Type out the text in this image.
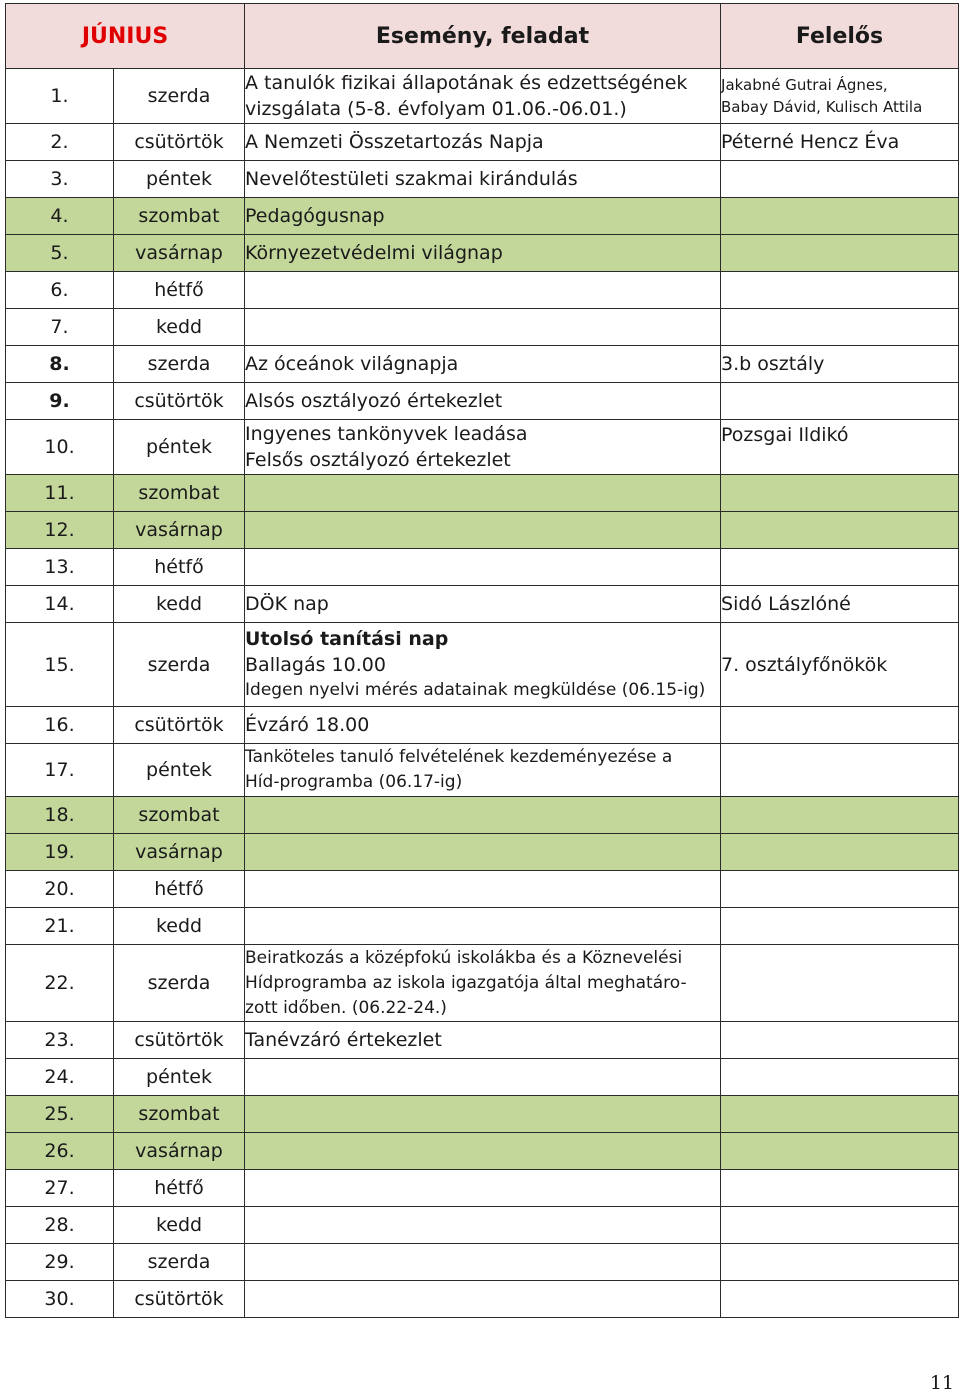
JÚNIUS		Esemény, feladat	Felelős
1.	szerda	A tanulók fizikai állapotának és edzettségének
vizsgálata (5-8. évfolyam 01.06.-06.01.)	Jakabné Gutrai Ágnes,
Babay Dávid, Kulisch Attila

2.	csütörtök	A Nemzeti Összetartozás Napja	Péterné Hencz Éva
3.	péntek	Nevelőtestületi szakmai kirándulás	
4.	szombat	Pedagógusnap	
5.	vasárnap	Környezetvédelmi világnap	
6.	hétfő		
7.	kedd		
8.	szerda	Az óceánok világnapja	3.b osztály
9.	csütörtök	Alsós osztályozó értekezlet	
10.	péntek	Ingyenes tankönyvek leadása
Felsős osztályozó értekezlet	Pozsgai Ildikó
11.	szombat		
12.	vasárnap		
13.	hétfő		
14.	kedd	DÖK nap	Sidó Lászlóné
15.	szerda	Utolsó tanítási nap
Ballagás 10.00
Idegen nyelvi mérés adatainak megküldése (06.15-ig)	7. osztályfőnökök
16.	csütörtök	Évzáró 18.00	
17.	péntek	Tanköteles tanuló felvételének kezdeményezése a
Híd-programba (06.17-ig)	

18.	szombat		
19.	vasárnap		
20.	hétfő		
21.	kedd		
22.	szerda	Beiratkozás a középfokú iskolákba és a Köznevelési
Hídprogramba az iskola igazgatója által meghatáro-
zott időben. (06.22-24.)	

23.	csütörtök	Tanévzáró értekezlet	
24.	péntek		
25.	szombat		
26.	vasárnap		
27.	hétfő		
28.	kedd		
29.	szerda		
30.	csütörtök		
11
